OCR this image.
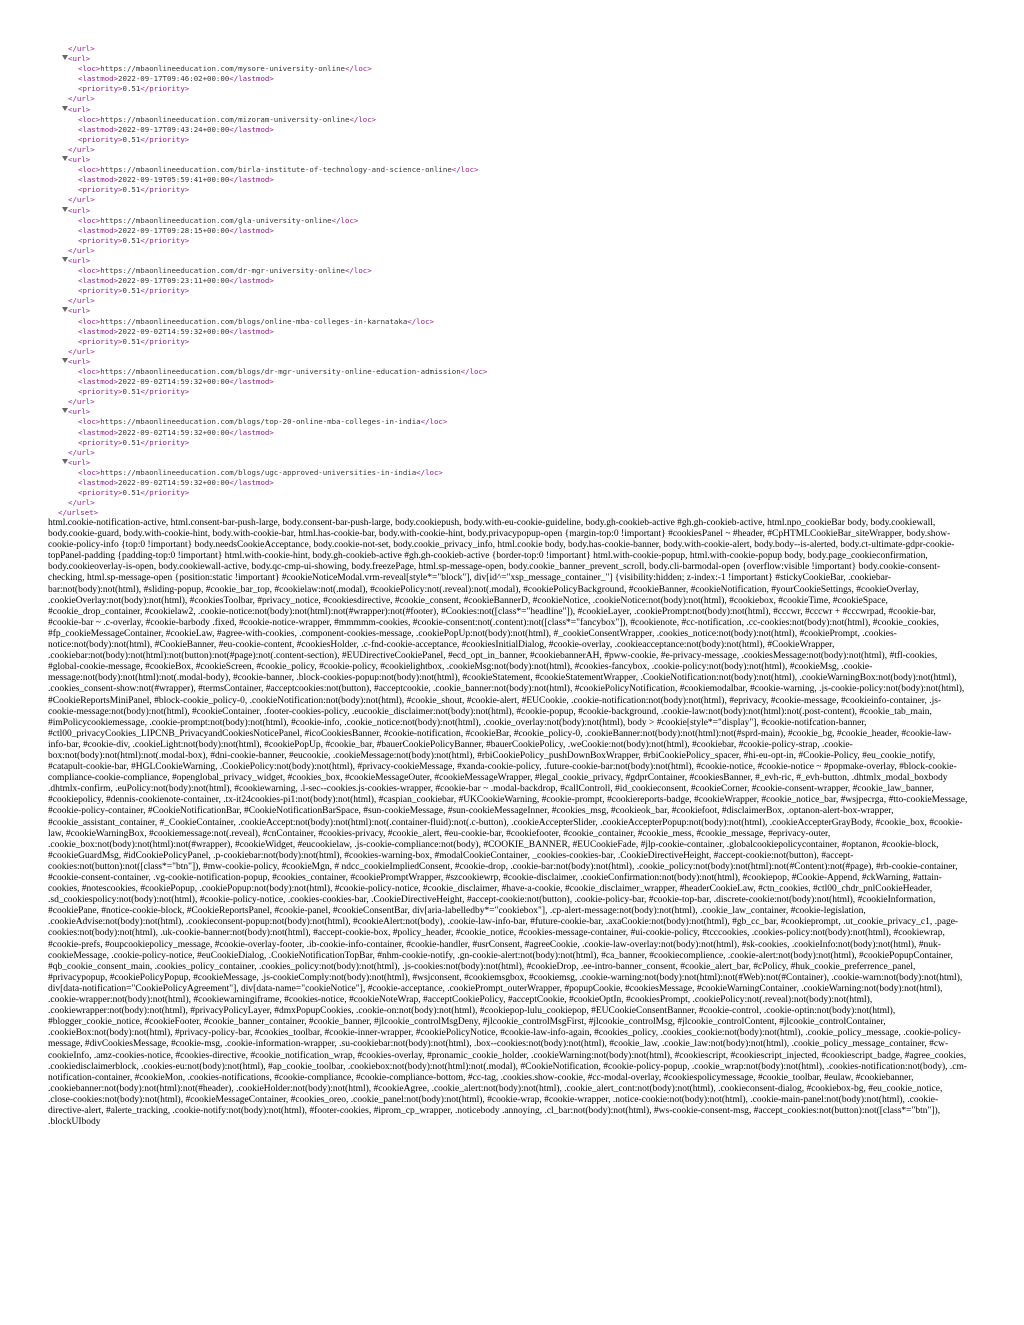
</url>
<url>
<loc>https://mbaonlineeducation.com/mysore-university-online</loc>
<lastmod>2022-09-17T09:46:02+00:00</lastmod>
<priority>0.51</priority>
</url>
<url>
<loc>https://mbaonlineeducation.com/mizoram-university-online</loc>
<lastmod>2022-09-17T09:43:24+00:00</lastmod>
<priority>0.51</priority>
</url>
<url>
<loc>https://mbaonlineeducation.com/birla-institute-of-technology-and-science-online</loc>
<lastmod>2022-09-19T05:59:41+00:00</lastmod>
<priority>0.51</priority>
</url>
<url>
<loc>https://mbaonlineeducation.com/gla-university-online</loc>
<lastmod>2022-09-17T09:28:15+00:00</lastmod>
<priority>0.51</priority>
</url>
<url>
<loc>https://mbaonlineeducation.com/dr-mgr-university-online</loc>
<lastmod>2022-09-17T09:23:11+00:00</lastmod>
<priority>0.51</priority>
</url>
<url>
<loc>https://mbaonlineeducation.com/blogs/online-mba-colleges-in-karnataka</loc>
<lastmod>2022-09-02T14:59:32+00:00</lastmod>
<priority>0.51</priority>
</url>
<url>
<loc>https://mbaonlineeducation.com/blogs/dr-mgr-university-online-education-admission</loc>
<lastmod>2022-09-02T14:59:32+00:00</lastmod>
<priority>0.51</priority>
</url>
<url>
<loc>https://mbaonlineeducation.com/blogs/top-20-online-mba-colleges-in-india</loc>
<lastmod>2022-09-02T14:59:32+00:00</lastmod>
<priority>0.51</priority>
</url>
<url>
<loc>https://mbaonlineeducation.com/blogs/ugc-approved-universities-in-india</loc>
<lastmod>2022-09-02T14:59:32+00:00</lastmod>
<priority>0.51</priority>
</url>
</urlset>
html.cookie-notification-active, html.consent-bar-push-large, body.consent-bar-push-large, body.cookiepush, body.with-eu-cookie-guideline, body.gh-cookieb-active #gh.gh-cookieb-active, html.npo_cookieBar body, body.cookiewall, body.cookie-guard, body.with-cookie-hint, body.with-cookie-bar, html.has-cookie-bar, body.with-cookie-hint, body.privacypopup-open {margin-top:0 !important} #cookiesPanel ~ #header, #CpHTMLCookieBar_siteWrapper, body.show-cookie-policy-info {top:0 !important} body.needsCookieAcceptance, body.cookie-not-set, body.cookie_privacy_info, html.cookie body, body.has-cookie-banner, body.with-cookie-alert, body.body--is-alerted, body.ct-ultimate-gdpr-cookie-topPanel-padding {padding-top:0 !important} html.with-cookie-hint, body.gh-cookieb-active #gh.gh-cookieb-active {border-top:0 !important} html.with-cookie-popup, html.with-cookie-popup body, body.page_cookieconfirmation, body.cookieoverlay-is-open, body.cookiewall-active, body.qc-cmp-ui-showing, body.freezePage, html.sp-message-open, body.cookie_banner_prevent_scroll, body.cli-barmodal-open {overflow:visible !important} body.cookie-consent-checking, html.sp-message-open {position:static !important} #cookieNoticeModal.vrm-reveal[style*="block"], div[id^="xsp_message_container_"] {visibility:hidden; z-index:-1 !important} #stickyCookieBar, .cookiebar-bar:not(body):not(html), #sliding-popup, #cookie_bar_top, #cookielaw:not(.modal), #cookiePolicy:not(.reveal):not(.modal), #cookiePolicyBackground, #cookieBanner, #cookieNotification, #yourCookieSettings, #cookieOverlay, .cookieOverlay:not(body):not(html), #cookiesToolbar, #privacy_notice, #cookiesdirective, #cookie_consent, #cookieBannerD, #cookieNotice, .cookieNotice:not(body):not(html), #cookiebox, #cookieTime, #cookieSpace, #cookie_drop_container, #cookielaw2, .cookie-notice:not(body):not(html):not(#wrapper):not(#footer), #Cookies:not([class*="headline"]), #cookieLayer, .cookiePrompt:not(body):not(html), #cccwr, #cccwr + #cccwrpad, #cookie-bar, #cookie-bar ~ .c-overlay, #cookie-barbody .fixed, #cookie-notice-wrapper, #mmmmm-cookies, #cookie-consent:not(.content):not([class*="fancybox"]), #cookienote, #cc-notification, .cc-cookies:not(body):not(html), #cookie_cookies, #fp_cookieMessageContainer, #cookieLaw, #agree-with-cookies, .component-cookies-message, .cookiePopUp:not(body):not(html), #_cookieConsentWrapper, .cookies_notice:not(body):not(html), #cookiePrompt, .cookies-notice:not(body):not(html), #CookieBanner, #eu-cookie-content, #cookiesHolder, .c-fnd-cookie-acceptance, #cookiesInitialDialog, #cookie-overlay, .cookieacceptance:not(body):not(html), #CookieWrapper, .cookiebar:not(body):not(html):not(button):not(#page):not(.content-section), #EUDirectiveCookiePanel, #ecd_opt_in_banner, #cookiebannerAH, #pww-cookie, #e-privacy-message, .cookiesMessage:not(body):not(html), #tfl-cookies, #global-cookie-message, #cookieBox, #cookieScreen, #cookie_policy, #cookie-policy, #cookielightbox, .cookieMsg:not(body):not(html), #cookies-fancybox, .cookie-policy:not(body):not(html), #cookieMsg, .cookie-message:not(body):not(html):not(.modal-body), #cookie-banner, .block-cookies-popup:not(body):not(html), #cookieStatement, #cookieStatementWrapper, .CookieNotification:not(body):not(html), .cookieWarningBox:not(body):not(html), .cookies_consent-show:not(#wrapper), #termsContainer, #acceptcookies:not(button), #acceptcookie, .cookie_banner:not(body):not(html), #cookiePolicyNotification, #cookiemodalbar, #cookie-warning, .js-cookie-policy:not(body):not(html), #CookieReportsMiniPanel, #block-cookie_policy-0, .cookieNotification:not(body):not(html), #cookie_shout, #cookie-alert, #EUCookie, .cookie-notification:not(body):not(html), #eprivacy, #cookie-message, #cookieinfo-container, .js-cookie-message:not(body):not(html), #cookieContainer, .footer-cookies-policy, .eucookie_disclaimer:not(body):not(html), #cookie-popup, #cookie-background, .cookie-law:not(body):not(html):not(.post-content), #cookie_tab_main, #imPolicycookiemessage, .cookie-prompt:not(body):not(html), #cookie-info, .cookie_notice:not(body):not(html), .cookie_overlay:not(body):not(html), body > #cookie[style*="display"], #cookie-notifcation-banner, #ctl00_privacyCookies_LIPCNB_PrivacyandCookiesNoticePanel, #icoCookiesBanner, #cookie-notification, #cookieBar, #cookie_policy-0, .cookieBanner:not(body):not(html):not(#sprd-main), #cookie_bg, #cookie_header, #cookie-law-info-bar, #cookie-div, .cookieLight:not(body):not(html), #cookiePopUp, #cookie_bar, #bauerCookiePolicyBanner, #bauerCookiePolicy, .weCookie:not(body):not(html), #cookiebar, #cookie-policy-strap, .cookie-box:not(body):not(html):not(.modal-box), #dni-cookie-banner, #eucookie, .cookieMessage:not(body):not(html), #rbiCookiePolicy_pushDownBoxWrapper, #rbiCookiePolicy_spacer, #hi-eu-opt-in, #Cookie-Policy, #eu_cookie_notify, #catapult-cookie-bar, #HGLCookieWarning, .CookiePolicy:not(body):not(html), #privacy-cookieMessage, #xanda-cookie-policy, .future-cookie-bar:not(body):not(html), #cookie-notice, #cookie-notice ~ #popmake-overlay, #block-cookie-compliance-cookie-compliance, #openglobal_privacy_widget, #cookies_box, #cookieMessageOuter, #cookieMessageWrapper, #legal_cookie_privacy, #gdprContainer, #cookiesBanner, #_evh-ric, #_evh-button, .dhtmlx_modal_boxbody .dhtmlx-confirm, .euPolicy:not(body):not(html), #cookiewarning, .l-sec--cookies.js-cookies-wrapper, #cookie-bar ~ .modal-backdrop, #callControll, #id_cookieconsent, #cookieCorner, #cookie-consent-wrapper, #cookie_law_banner, #cookiepolicy, #dennis-cookienote-container, .tx-it24cookies-pi1:not(body):not(html), #caspian_cookiebar, #UKCookieWarning, #cookie-prompt, #cookiereports-badge, #cookieWrapper, #cookie_notice_bar, #wsjpecrga, #tto-cookieMessage, #cookie-policy-container, #CookieNotificationBar, #CookieNotificationBarSpace, #sun-cookieMessage, #sun-cookieMessageInner, #cookies_msg, #cookieok_bar, #cookiefoot, #disclaimerBox, .optanon-alert-box-wrapper, #cookie_assistant_container, #_CookieContainer, .cookieAccept:not(body):not(html):not(.container-fluid):not(.c-button), .cookieAccepterSlider, .cookieAccepterPopup:not(body):not(html), .cookieAccepterGrayBody, #cookie_box, #cookie-law, #cookieWarningBox, #cookiemessage:not(.reveal), #cnContainer, #cookies-privacy, #cookie_alert, #eu-cookie-bar, #cookiefooter, #cookie_container, #cookie_mess, #cookie_message, #eprivacy-outer, .cookie_box:not(body):not(html):not(#wrapper), #cookieWidget, #eucookielaw, .js-cookie-compliance:not(body), #COOKIE_BANNER, #EUCookieFade, #jlp-cookie-container, .globalcookiepolicycontainer, #optanon, #cookie-block, #cookieGuardMsg, #idCookiePolicyPanel, .p-cookiebar:not(body):not(html), #cookies-warning-box, #modalCookieContainer, _cookies-cookies-bar, .CookieDirectiveHeight, #accept-cookie:not(button), #accept-cookies:not(button):not([class*="btn"]), #mw-cookie-policy, #cookieMgn, # ndcc_cookieImpliedConsent, #cookie-drop, .cookie-bar:not(body):not(html), .cookie_policy:not(body):not(html):not(#Content):not(#page), #rb-cookie-container, #cookie-consent-container, .vg-cookie-notification-popup, #cookies_container, #cookiePromptWrapper, #szcookiewrp, #cookie-disclaimer, .cookieConfirmation:not(body):not(html), #cookiepop, #Cookie-Append, #ckWarning, #attain-cookies, #notescookies, #cookiePopup, .cookiePopup:not(body):not(html), #cookie-policy-notice, #cookie_disclaimer, #have-a-cookie, #cookie_disclaimer_wrapper, #headerCookieLaw, #ctn_cookies, #ctl00_chdr_pnlCookieHeader, .sd_cookiespolicy:not(body):not(html), #cookie-policy-notice, .cookies-cookies-bar, .CookieDirectiveHeight, #accept-cookie:not(button), .cookie-policy-bar, #cookie-top-bar, .discrete-cookie:not(body):not(html), #cookieInformation, #cookiePane, #notice-cookie-block, #CookieReportsPanel, #cookie-panel, #cookieConsentBar, div[aria-labelledby*="cookiebox"], .cp-alert-message:not(body):not(html), .cookie_law_container, #cookie-legislation, .cookieAdvise:not(body):not(html), .cookieconsent-popup:not(body):not(html), #cookieAlert:not(body), .cookie-law-info-bar, #future-cookie-bar, .axaCookie:not(body):not(html), #gb_cc_bar, #cookieprompt, .ut_cookie_privacy_c1, .page-cookies:not(body):not(html), .uk-cookie-banner:not(body):not(html), #accept-cookie-box, #policy_header, #cookie_notice, #cookies-message-container, #ui-cookie-policy, #tcccookies, .cookies-policy:not(body):not(html), #cookiewrap, #cookie-prefs, #oupcookiepolicy_message, #cookie-overlay-footer, .ib-cookie-info-container, #cookie-handler, #usrConsent, #agreeCookie, .cookie-law-overlay:not(body):not(html), #sk-cookies, .cookieInfo:not(body):not(html), #nuk-cookieMessage, .cookie-policy-notice, #euCookieDialog, .CookieNotificationTopBar, #nhm-cookie-notify, .gn-cookie-alert:not(body):not(html), #ca_banner, #cookiecomplience, .cookie-alert:not(body):not(html), #cookiePopupContainer, #qb_cookie_consent_main, .cookies_policy_container, .cookies_policy:not(body):not(html), .js-cookies:not(body):not(html), #cookieDrop, .ee-intro-banner_consent, #cookie_alert_bar, #cPolicy, #huk_cookie_preferrence_panel, #privacypopup, #cookiePolicyPopup, #cookieMessage, .js-cookieComply:not(body):not(html), #wsjconsent, #cookiemsgbox, #cookiemsg, .cookie-warning:not(body):not(html):not(#Web):not(#Container), .cookie-warn:not(body):not(html), div[data-notification="CookiePolicyAgreement"], div[data-name="cookieNotice"], #cookie-acceptance, .cookiePrompt_outerWrapper, #popupCookie, #cookiesMessage, #cookieWarningContainer, .cookieWarning:not(body):not(html), .cookie-wrapper:not(body):not(html), #cookiewarningiframe, #cookies-notice, #cookieNoteWrap, #acceptCookiePolicy, #acceptCookie, #cookieOptIn, #cookiesPrompt, .cookiePolicy:not(.reveal):not(body):not(html), .cookiewrapper:not(body):not(html), #privacyPolicyLayer, #dmxPopupCookies, .cookie-on:not(body):not(html), #cookiepop-lulu_cookiepop, #EUCookieConsentBanner, #cookie-control, .cookie-optin:not(body):not(html), #blogger_cookie_notice, #cookieFooter, #cookie_banner_container, #cookie_banner, #jlcookie_controlMsgDeny, #jlcookie_controlMsgFirst, #jlcookie_controlMsg, #jlcookie_controlContent, #jlcookie_controlContainer, .cookieBox:not(body):not(html), #privacy-policy-bar, #cookies_toolbar, #cookie-inner-wrapper, #cookiePolicyNotice, #cookie-law-info-again, #cookies_policy, .cookies_cookie:not(body):not(html), .cookie_policy_message, .cookie-policy-message, #divCookiesMessage, #cookie-msg, .cookie-information-wrapper, .su-cookiebar:not(body):not(html), .box--cookies:not(body):not(html), #cookie_law, .cookie_law:not(body):not(html), .cookie_policy_message_container, #cw-cookieInfo, .amz-cookies-notice, #cookies-directive, #cookie_notification_wrap, #cookies-overlay, #pronamic_cookie_holder, .cookieWarning:not(body):not(html), #cookiescript, #cookiescript_injected, #cookiescript_badge, #agree_cookies, .cookiedisclaimerblock, .cookies-eu:not(body):not(html), #ap_cookie_toolbar, .cookiebox:not(body):not(html):not(.modal), #CookieNotification, #cookie-policy-popup, .cookie_wrap:not(body):not(html), .cookies-notification:not(body), .cm-notification-container, #cookieMon, .cookies-notifications, #cookie-compliance, #cookie-compliance-bottom, #cc-tag, .cookies.show-cookie, #cc-modal-overlay, #cookiespolicymessage, #cookie_toolbar, #eulaw, #cookiebanner, .cookiebanner:not(body):not(html):not(#header), .cookieHolder:not(body):not(html), #cookieAgree, .cookie_alert:not(body):not(html), .cookie_alert_cont:not(body):not(html), .cookieconsent-dialog, #cookiebox-bg, #eu_cookie_notice, .close-cookies:not(body):not(html), #cookieMessageContainer, #cookies_oreo, .cookie_panel:not(body):not(html), #cookie-wrap, #cookie-wrapper, .notice-cookie:not(body):not(html), .cookie-main-panel:not(body):not(html), .cookie-directive-alert, #alerte_tracking, .cookie-notify:not(body):not(html), #footer-cookies, #iprom_cp_wrapper, .noticebody .annoying, .cl_bar:not(body):not(html), #ws-cookie-consent-msg, #accept_cookies:not(button):not([class*="btn"]), .blockUIbody
